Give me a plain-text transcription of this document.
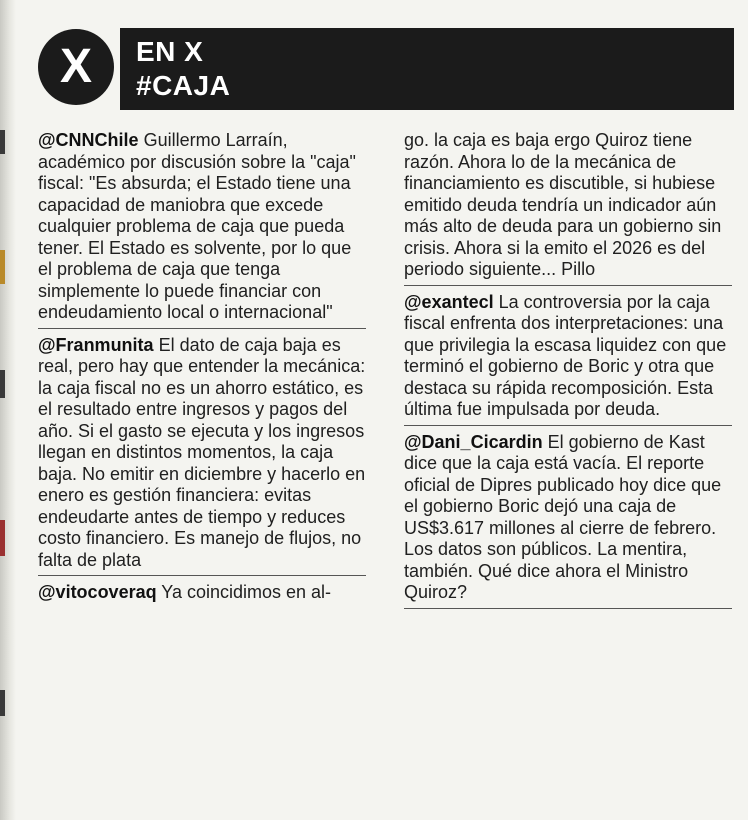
X	EN X
#CAJA
@CNNChile Guillermo Larraín, académico por discusión sobre la "caja" fiscal: "Es absurda; el Estado tiene una capacidad de maniobra que excede cualquier problema de caja que pueda tener. El Estado es solvente, por lo que el problema de caja que tenga simplemente lo puede financiar con endeudamiento local o internacional"
@Franmunita El dato de caja baja es real, pero hay que entender la mecánica: la caja fiscal no es un ahorro estático, es el resultado entre ingresos y pagos del año. Si el gasto se ejecuta y los ingresos llegan en distintos momentos, la caja baja. No emitir en diciembre y hacerlo en enero es gestión financiera: evitas endeudarte antes de tiempo y reduces costo financiero. Es manejo de flujos, no falta de plata
@vitocoveraq Ya coincidimos en al-
go. la caja es baja ergo Quiroz tiene razón. Ahora lo de la mecánica de financiamiento es discutible, si hubiese emitido deuda tendría un indicador aún más alto de deuda para un gobierno sin crisis. Ahora si la emito el 2026 es del periodo siguiente... Pillo
@exantecl La controversia por la caja fiscal enfrenta dos interpretaciones: una que privilegia la escasa liquidez con que terminó el gobierno de Boric y otra que destaca su rápida recomposición. Esta última fue impulsada por deuda.
@Dani_Cicardin El gobierno de Kast dice que la caja está vacía. El reporte oficial de Dipres publicado hoy dice que el gobierno Boric dejó una caja de US$3.617 millones al cierre de febrero. Los datos son públicos. La mentira, también. Qué dice ahora el Ministro Quiroz?
